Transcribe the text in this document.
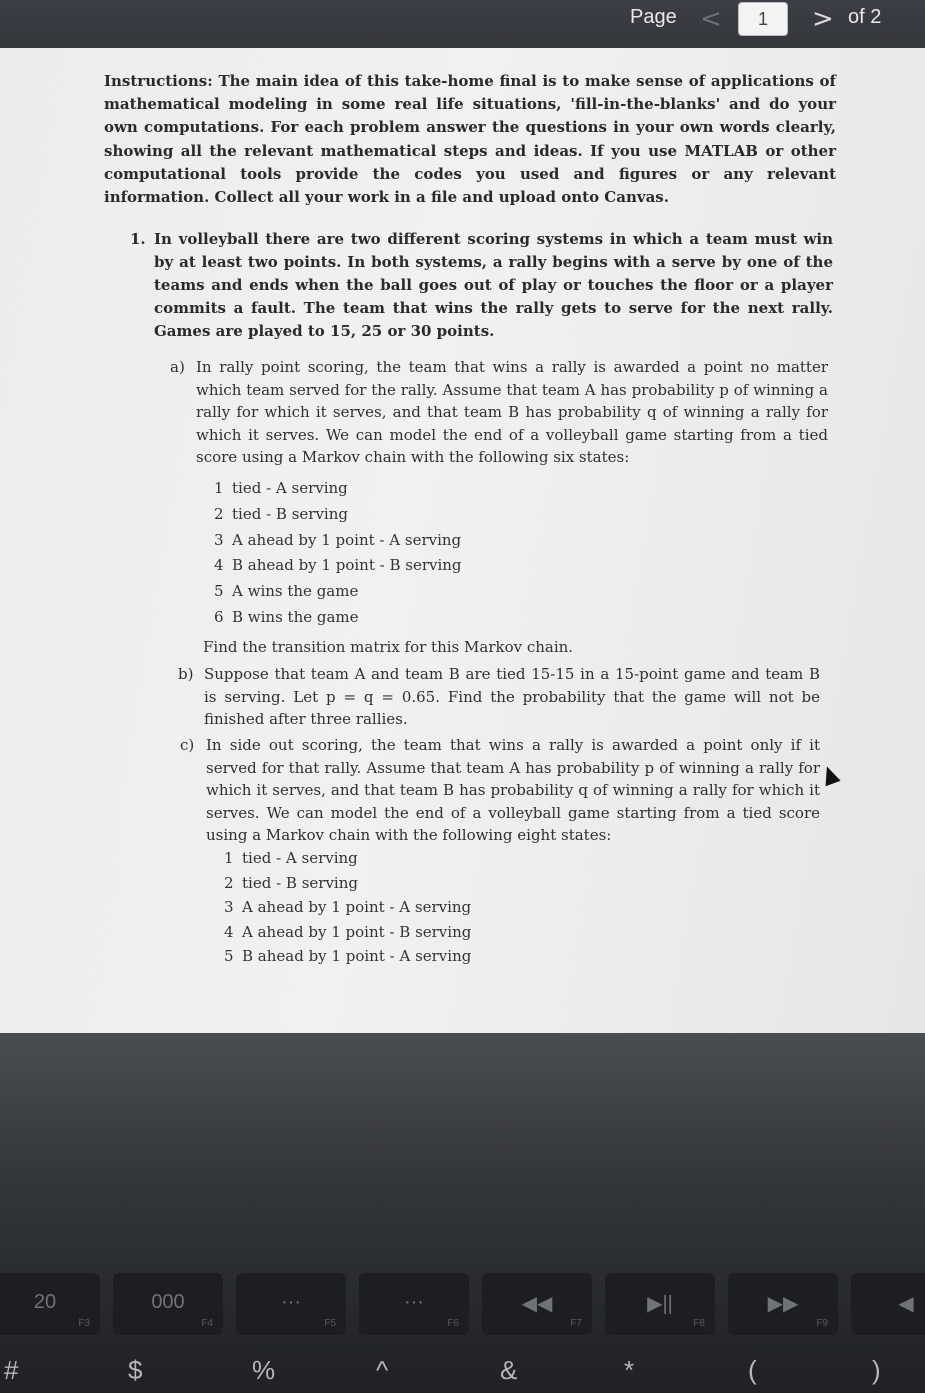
Page <	1	> of 2
Instructions: The main idea of this take-home final is to make sense of applications of mathematical modeling in some real life situations, 'fill-in-the-blanks' and do your own computations. For each problem answer the questions in your own words clearly, showing all the relevant mathematical steps and ideas. If you use MATLAB or other computational tools provide the codes you used and figures or any relevant information. Collect all your work in a file and upload onto Canvas.
1. In volleyball there are two different scoring systems in which a team must win by at least two points. In both systems, a rally begins with a serve by one of the teams and ends when the ball goes out of play or touches the floor or a player commits a fault. The team that wins the rally gets to serve for the next rally. Games are played to 15, 25 or 30 points.
a) In rally point scoring, the team that wins a rally is awarded a point no matter which team served for the rally. Assume that team A has probability p of winning a rally for which it serves, and that team B has probability q of winning a rally for which it serves. We can model the end of a volleyball game starting from a tied score using a Markov chain with the following six states:
1 tied - A serving
2 tied - B serving
3 A ahead by 1 point - A serving
4 B ahead by 1 point - B serving
5 A wins the game
6 B wins the game
Find the transition matrix for this Markov chain.
b) Suppose that team A and team B are tied 15-15 in a 15-point game and team B is serving. Let p = q = 0.65. Find the probability that the game will not be finished after three rallies.
c) In side out scoring, the team that wins a rally is awarded a point only if it served for that rally. Assume that team A has probability p of winning a rally for which it serves, and that team B has probability q of winning a rally for which it serves. We can model the end of a volleyball game starting from a tied score using a Markov chain with the following eight states:
1 tied - A serving
2 tied - B serving
3 A ahead by 1 point - A serving
4 A ahead by 1 point - B serving
5 B ahead by 1 point - A serving
20
F3
000
F4
···
F5
···
F6
◀◀
F7
▶||
F8
▶▶
F9
◀
#	$	%	^	&	*	(	)
